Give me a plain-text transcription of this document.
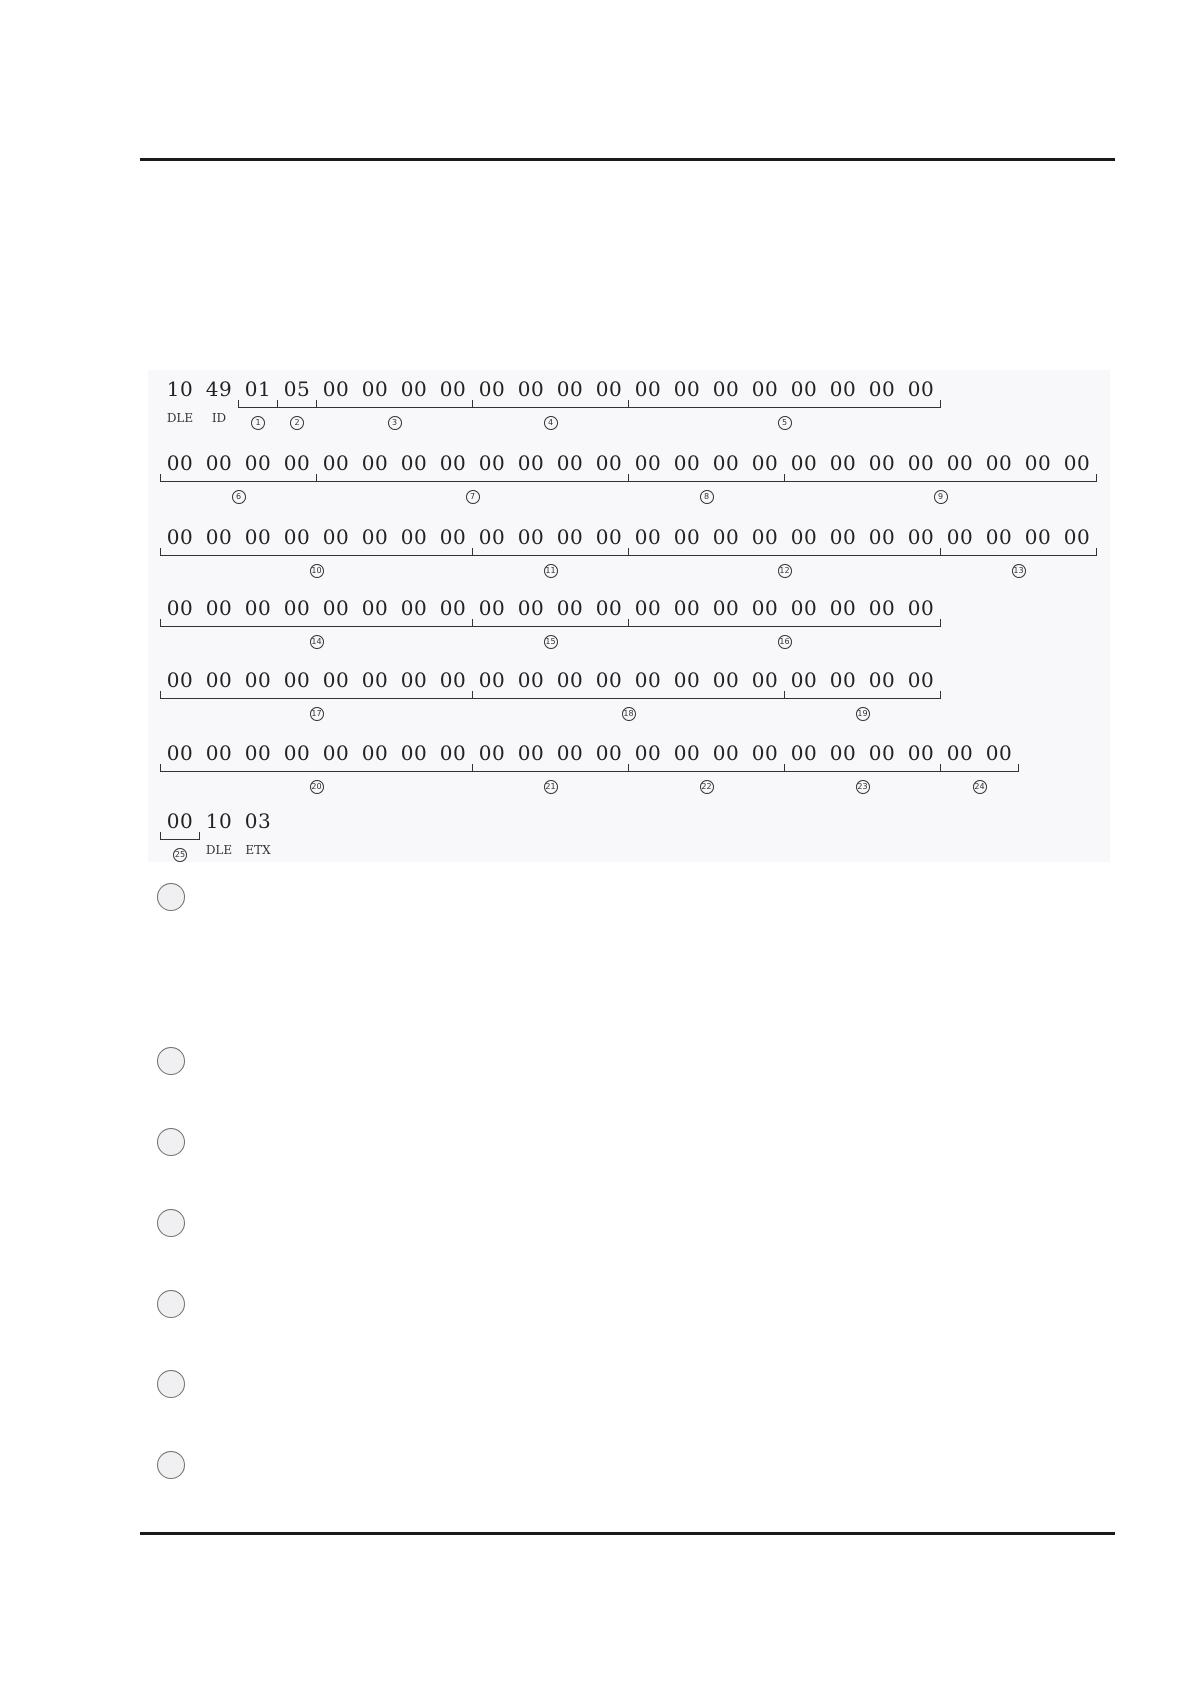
10 49 01 05 00 00 00 00 00 00 00 00 00 00 00 00 00 00 00 00
DLE	ID	1	2	3	4	5
00 00 00 00 00 00 00 00 00 00 00 00 00 00 00 00 00 00 00 00 00 00 00 00
6	7	8	9
00 00 00 00 00 00 00 00 00 00 00 00 00 00 00 00 00 00 00 00 00 00 00 00
10	11	12	13
00 00 00 00 00 00 00 00 00 00 00 00 00 00 00 00 00 00 00 00
14	15	16
00 00 00 00 00 00 00 00 00 00 00 00 00 00 00 00 00 00 00 00
17	18	19
00 00 00 00 00 00 00 00 00 00 00 00 00 00 00 00 00 00 00 00 00 00
20	21	22	23	24
00 10 03
DLE	ETX
25
